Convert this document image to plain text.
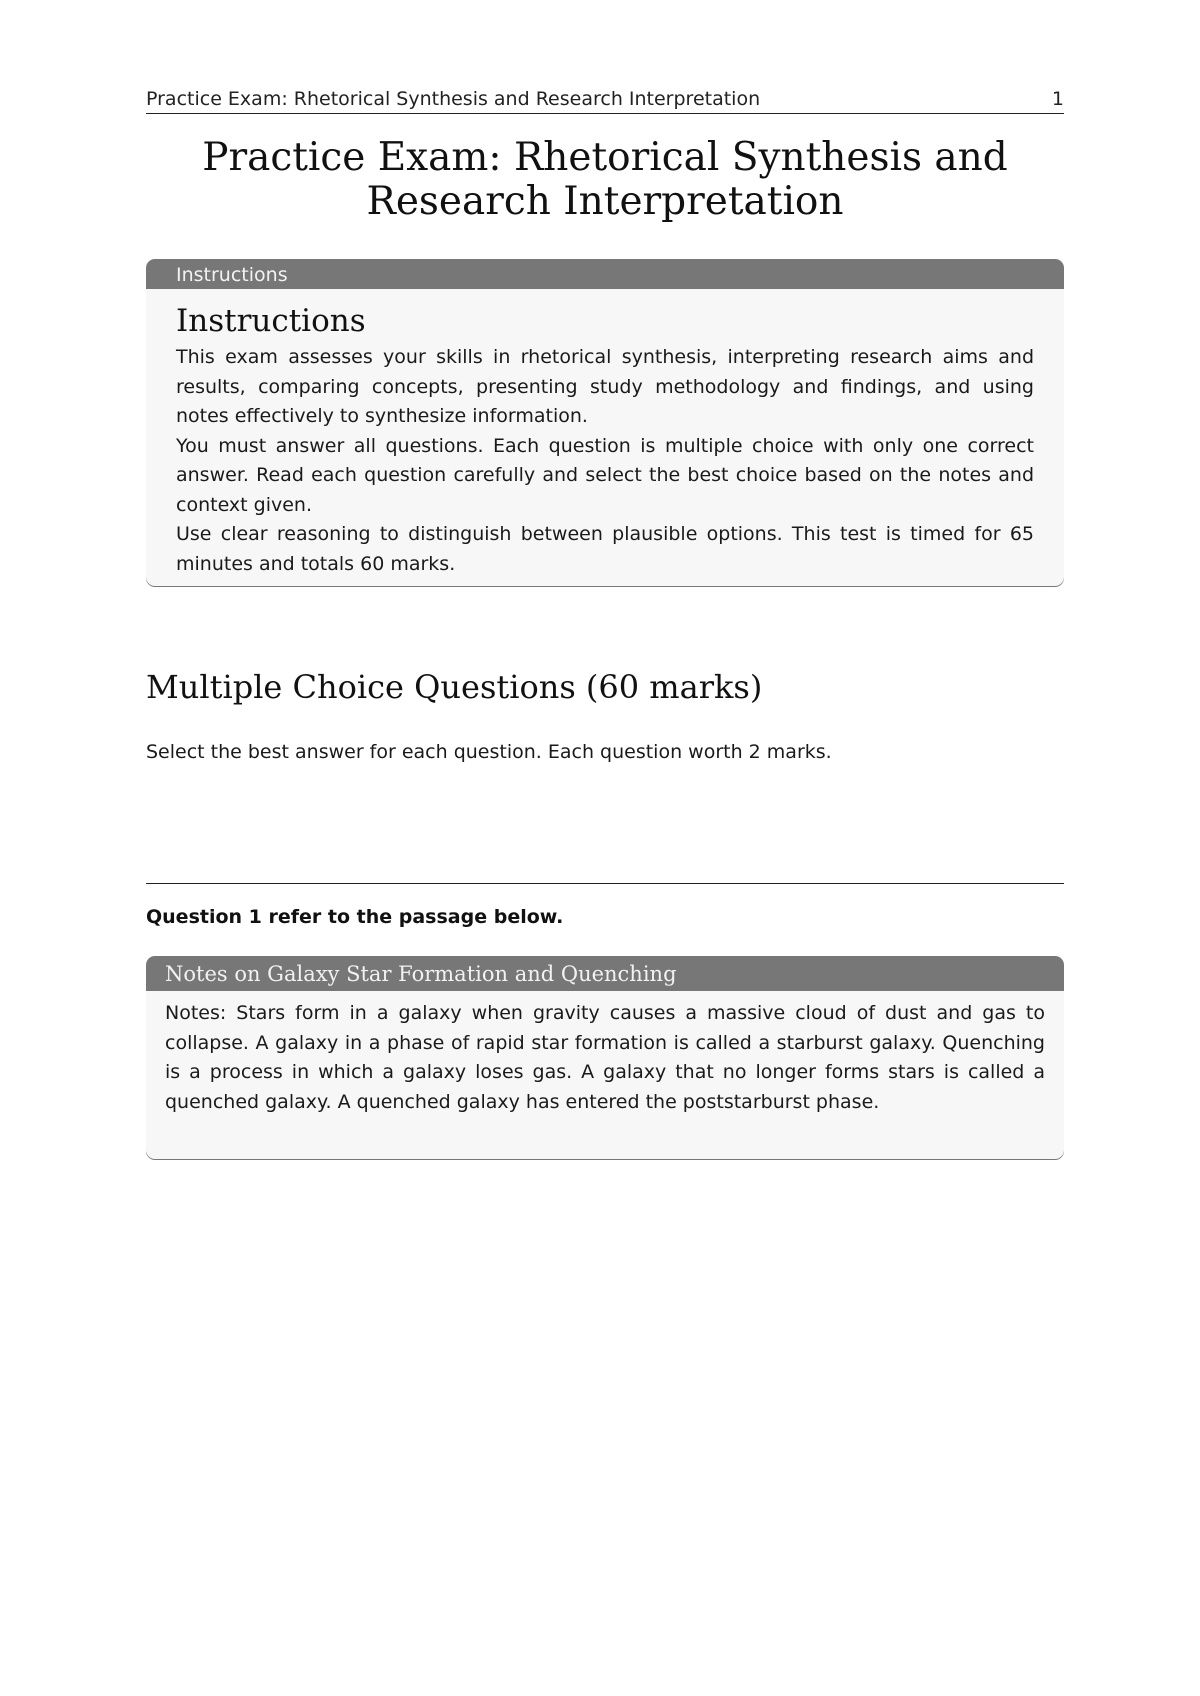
Practice Exam: Rhetorical Synthesis and Research Interpretation	1
Practice Exam: Rhetorical Synthesis and
Research Interpretation
Instructions
Instructions

This exam assesses your skills in rhetorical synthesis, interpreting research aims and results, comparing concepts, presenting study methodology and findings, and using notes effectively to synthesize information.

You must answer all questions. Each question is multiple choice with only one correct answer. Read each question carefully and select the best choice based on the notes and context given.

Use clear reasoning to distinguish between plausible options. This test is timed for 65 minutes and totals 60 marks.

Multiple Choice Questions (60 marks)

Select the best answer for each question. Each question worth 2 marks.

Question 1 refer to the passage below.

Notes on Galaxy Star Formation and Quenching

Notes: Stars form in a galaxy when gravity causes a massive cloud of dust and gas to collapse. A galaxy in a phase of rapid star formation is called a starburst galaxy. Quenching is a process in which a galaxy loses gas. A galaxy that no longer forms stars is called a quenched galaxy. A quenched galaxy has entered the poststarburst phase.
